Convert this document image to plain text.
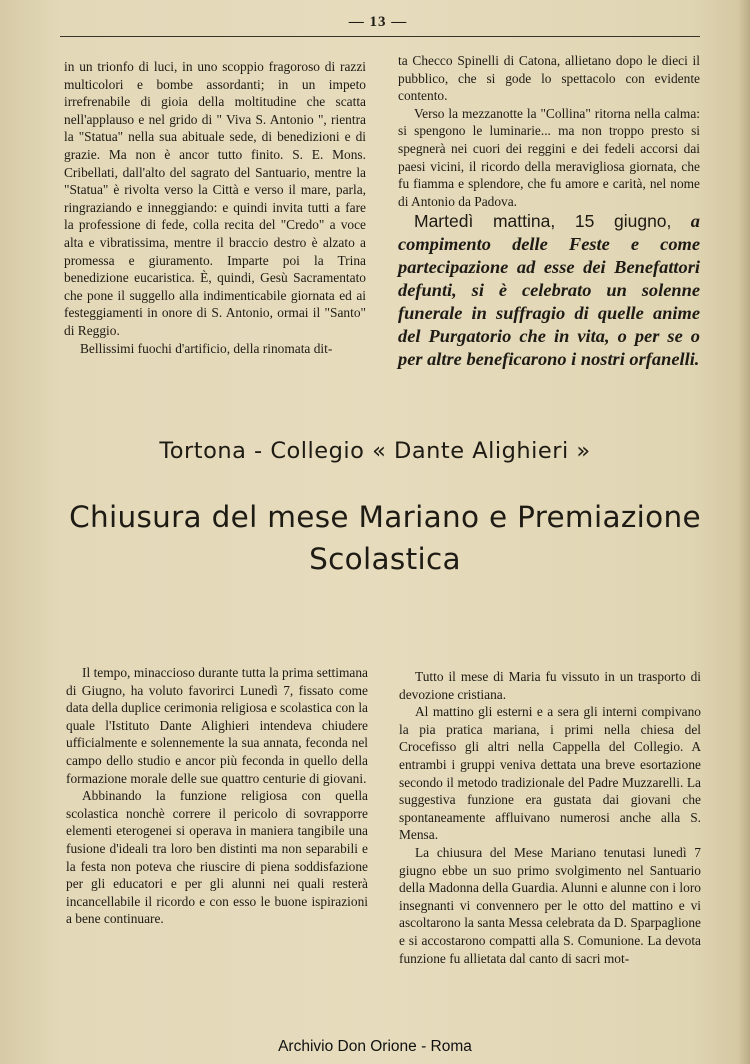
— 13 —

in un trionfo di luci, in uno scoppio fragoroso di razzi multicolori e bombe assordanti; in un impeto irrefrenabile di gioia della moltitudine che scatta nell'applauso e nel grido di " Viva S. Antonio ", rientra la "Statua" nella sua abituale sede, di benedizioni e di grazie. Ma non è ancor tutto finito. S. E. Mons. Cribellati, dall'alto del sagrato del Santuario, mentre la "Statua" è rivolta verso la Città e verso il mare, parla, ringraziando e inneggiando: e quindi invita tutti a fare la professione di fede, colla recita del "Credo" a voce alta e vibratissima, mentre il braccio destro è alzato a promessa e giuramento. Imparte poi la Trina benedizione eucaristica. È, quindi, Gesù Sacramentato che pone il suggello alla indimenticabile giornata ed ai festeggiamenti in onore di S. Antonio, ormai il "Santo" di Reggio.

Bellissimi fuochi d'artificio, della rinomata dit-

ta Checco Spinelli di Catona, allietano dopo le dieci il pubblico, che si gode lo spettacolo con evidente contento.

Verso la mezzanotte la "Collina" ritorna nella calma: si spengono le luminarie... ma non troppo presto si spegnerà nei cuori dei reggini e dei fedeli accorsi dai paesi vicini, il ricordo della meravigliosa giornata, che fu fiamma e splendore, che fu amore e carità, nel nome di Antonio da Padova.

Martedì mattina, 15 giugno, a compimento delle Feste e come partecipazione ad esse dei Benefattori defunti, si è celebrato un solenne funerale in suffragio di quelle anime del Purgatorio che in vita, o per se o per altre beneficarono i nostri orfanelli.

Tortona - Collegio « Dante Alighieri »
Chiusura del mese Mariano e Premiazione
Scolastica

Il tempo, minaccioso durante tutta la prima settimana di Giugno, ha voluto favorirci Lunedì 7, fissato come data della duplice cerimonia religiosa e scolastica con la quale l'Istituto Dante Alighieri intendeva chiudere ufficialmente e solennemente la sua annata, feconda nel campo dello studio e ancor più feconda in quello della formazione morale delle sue quattro centurie di giovani.

Abbinando la funzione religiosa con quella scolastica nonchè correre il pericolo di sovrapporre elementi eterogenei si operava in maniera tangibile una fusione d'ideali tra loro ben distinti ma non separabili e la festa non poteva che riuscire di piena soddisfazione per gli educatori e per gli alunni nei quali resterà incancellabile il ricordo e con esso le buone ispirazioni a bene continuare.

Tutto il mese di Maria fu vissuto in un trasporto di devozione cristiana.

Al mattino gli esterni e a sera gli interni compivano la pia pratica mariana, i primi nella chiesa del Crocefisso gli altri nella Cappella del Collegio. A entrambi i gruppi veniva dettata una breve esortazione secondo il metodo tradizionale del Padre Muzzarelli. La suggestiva funzione era gustata dai giovani che spontaneamente affluivano numerosi anche alla S. Mensa.

La chiusura del Mese Mariano tenutasi lunedì 7 giugno ebbe un suo primo svolgimento nel Santuario della Madonna della Guardia. Alunni e alunne con i loro insegnanti vi convennero per le otto del mattino e vi ascoltarono la santa Messa celebrata da D. Sparpaglione e si accostarono compatti alla S. Comunione. La devota funzione fu allietata dal canto di sacri mot-

Archivio Don Orione - Roma
